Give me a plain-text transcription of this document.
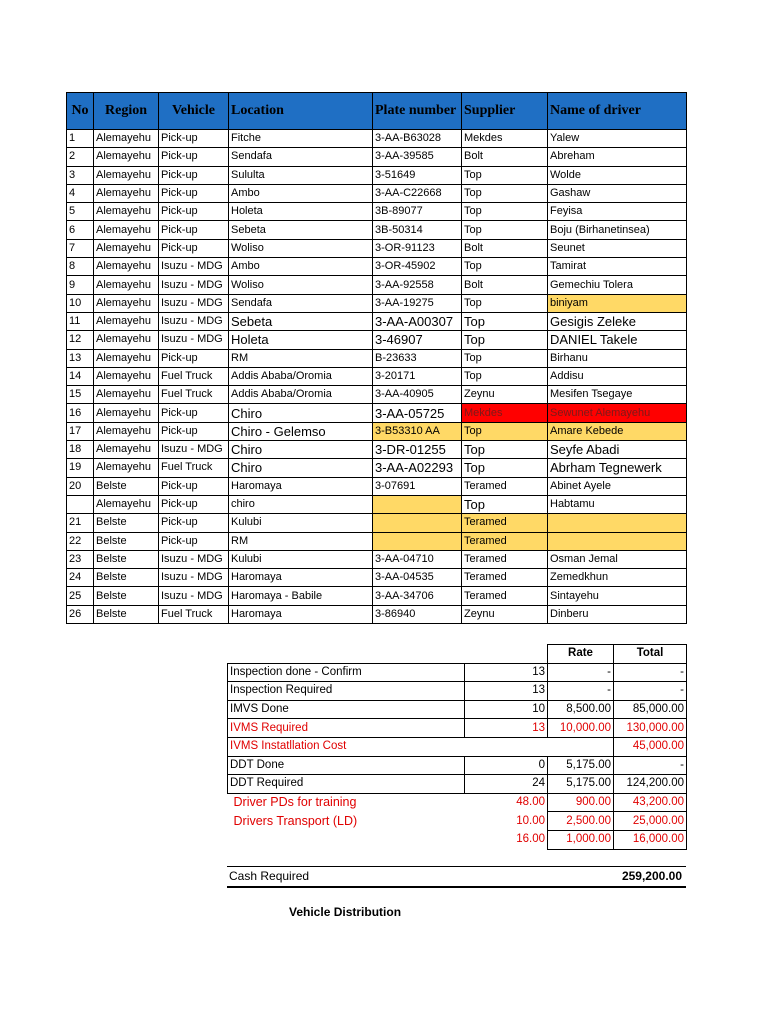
No	Region	Vehicle	Location	Plate number	Supplier	Name of driver
1	Alemayehu	Pick-up	Fitche	3-AA-B63028	Mekdes	Yalew
2	Alemayehu	Pick-up	Sendafa	3-AA-39585	Bolt	Abreham
3	Alemayehu	Pick-up	Sululta	3-51649	Top	Wolde
4	Alemayehu	Pick-up	Ambo	3-AA-C22668	Top	Gashaw
5	Alemayehu	Pick-up	Holeta	3B-89077	Top	Feyisa
6	Alemayehu	Pick-up	Sebeta	3B-50314	Top	Boju (Birhanetinsea)
7	Alemayehu	Pick-up	Woliso	3-OR-91123	Bolt	Seunet
8	Alemayehu	Isuzu - MDG	Ambo	3-OR-45902	Top	Tamirat
9	Alemayehu	Isuzu - MDG	Woliso	3-AA-92558	Bolt	Gemechiu Tolera
10	Alemayehu	Isuzu - MDG	Sendafa	3-AA-19275	Top	biniyam
11	Alemayehu	Isuzu - MDG	Sebeta	3-AA-A00307	Top	Gesigis Zeleke
12	Alemayehu	Isuzu - MDG	Holeta	3-46907	Top	DANIEL Takele
13	Alemayehu	Pick-up	RM	B-23633	Top	Birhanu
14	Alemayehu	Fuel Truck	Addis Ababa/Oromia	3-20171	Top	Addisu
15	Alemayehu	Fuel Truck	Addis Ababa/Oromia	3-AA-40905	Zeynu	Mesifen Tsegaye
16	Alemayehu	Pick-up	Chiro	3-AA-05725	Mekdes	Sewunet Alemayehu
17	Alemayehu	Pick-up	Chiro - Gelemso	3-B53310 AA	Top	Amare Kebede
18	Alemayehu	Isuzu - MDG	Chiro	3-DR-01255	Top	Seyfe Abadi
19	Alemayehu	Fuel Truck	Chiro	3-AA-A02293	Top	Abrham Tegnewerk
20	Belste	Pick-up	Haromaya	3-07691	Teramed	Abinet Ayele
	Alemayehu	Pick-up	chiro		Top	Habtamu
21	Belste	Pick-up	Kulubi		Teramed	
22	Belste	Pick-up	RM		Teramed	
23	Belste	Isuzu - MDG	Kulubi	3-AA-04710	Teramed	Osman Jemal
24	Belste	Isuzu - MDG	Haromaya	3-AA-04535	Teramed	Zemedkhun
25	Belste	Isuzu - MDG	Haromaya - Babile	3-AA-34706	Teramed	Sintayehu
26	Belste	Fuel Truck	Haromaya	3-86940	Zeynu	Dinberu
		Rate	Total
Inspection done - Confirm	13	-	-
Inspection Required	13	-	-
IMVS Done	10	8,500.00	85,000.00
IVMS Required	13	10,000.00	130,000.00
IVMS Instatllation Cost			45,000.00
DDT Done	0	5,175.00	-
DDT Required	24	5,175.00	124,200.00
Driver PDs for training	48.00	900.00	43,200.00
Drivers Transport (LD)	10.00	2,500.00	25,000.00
	16.00	1,000.00	16,000.00
Cash Required	259,200.00
Vehicle Distribution
